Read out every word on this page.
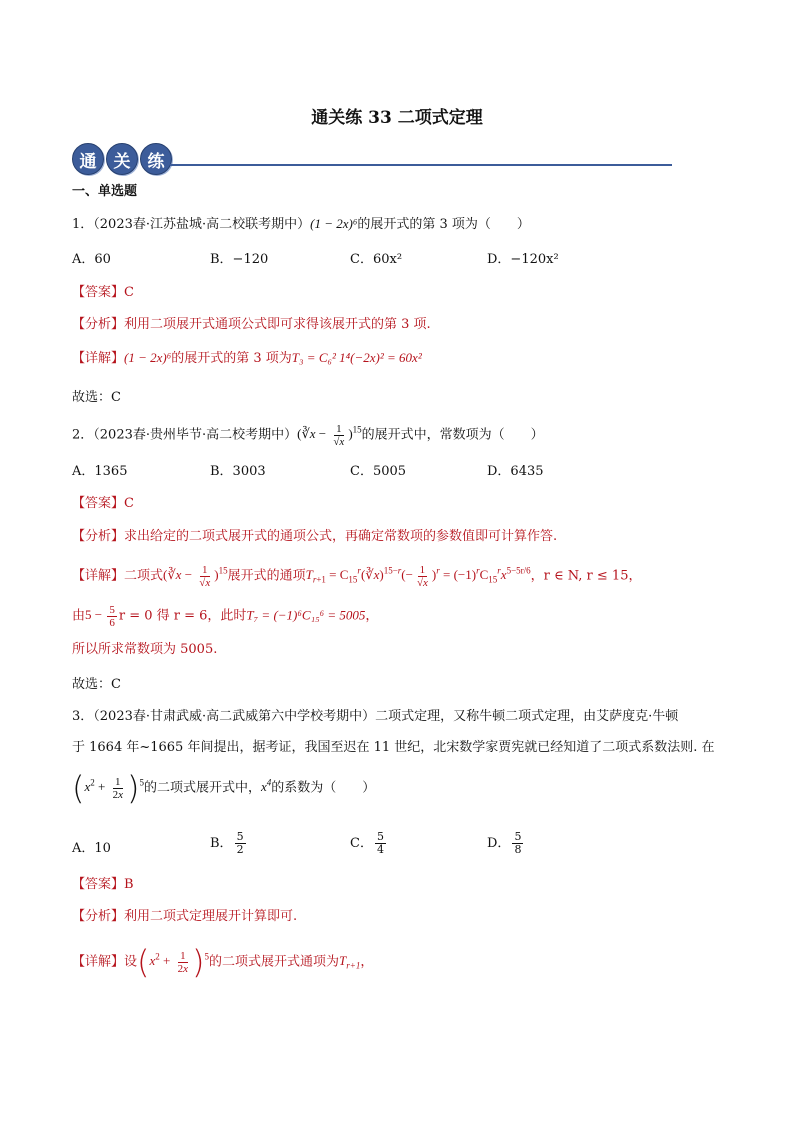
通关练 33 二项式定理
通	关	练
一、单选题
1．（2023春·江苏盐城·高二校联考期中）(1 − 2x)⁶的展开式的第 3 项为（　　）
A．60	B．−120	C．60x²	D．−120x²
【答案】C
【分析】利用二项展开式通项公式即可求得该展开式的第 3 项.
【详解】(1 − 2x)⁶的展开式的第 3 项为T₃ = C₆² 1⁴(−2x)² = 60x²
故选：C
2．（2023春·贵州毕节·高二校考期中）(∛x − $\frac{1}{√x} )^{15}$的展开式中，常数项为（　　）
A．1365	B．3003	C．5005	D．6435
【答案】C
【分析】求出给定的二项式展开式的通项公式，再确定常数项的参数值即可计算作答.
【详解】二项式(∛x − $\frac{1}{√x} )^{15}$展开式的通项$T_{r+1}$ = $C_{15}^r(∛x)^{15-r}(- \frac{1}{√x} )^r = (-1)^rC_{15}^rx^{5-5r/6}$，r ∈ N, r ≤ 15，
由$5 - \frac{5}{6}$ r = 0 得 r = 6，此时T₇ = (−1)⁶C₁₅⁶ = 5005，
所以所求常数项为 5005.
故选：C
3．（2023春·甘肃武威·高二武威第六中学校考期中）二项式定理，又称牛顿二项式定理，由艾萨度克·牛顿
于 1664 年~1665 年间提出，据考证，我国至迟在 11 世纪，北宋数学家贾宪就已经知道了二项式系数法则. 在
$(x^2 + \frac{1}{2x} )^5$的二项式展开式中，$x^4$的系数为（　　）
A．10	B． $\frac{5}{2}$	C． $\frac{5}{4}$	D． $\frac{5}{8}$
【答案】B
【分析】利用二项式定理展开计算即可.
【详解】设$(x^2 + \frac{1}{2x} )^5$的二项式展开式通项为$T_{r+1}$，
